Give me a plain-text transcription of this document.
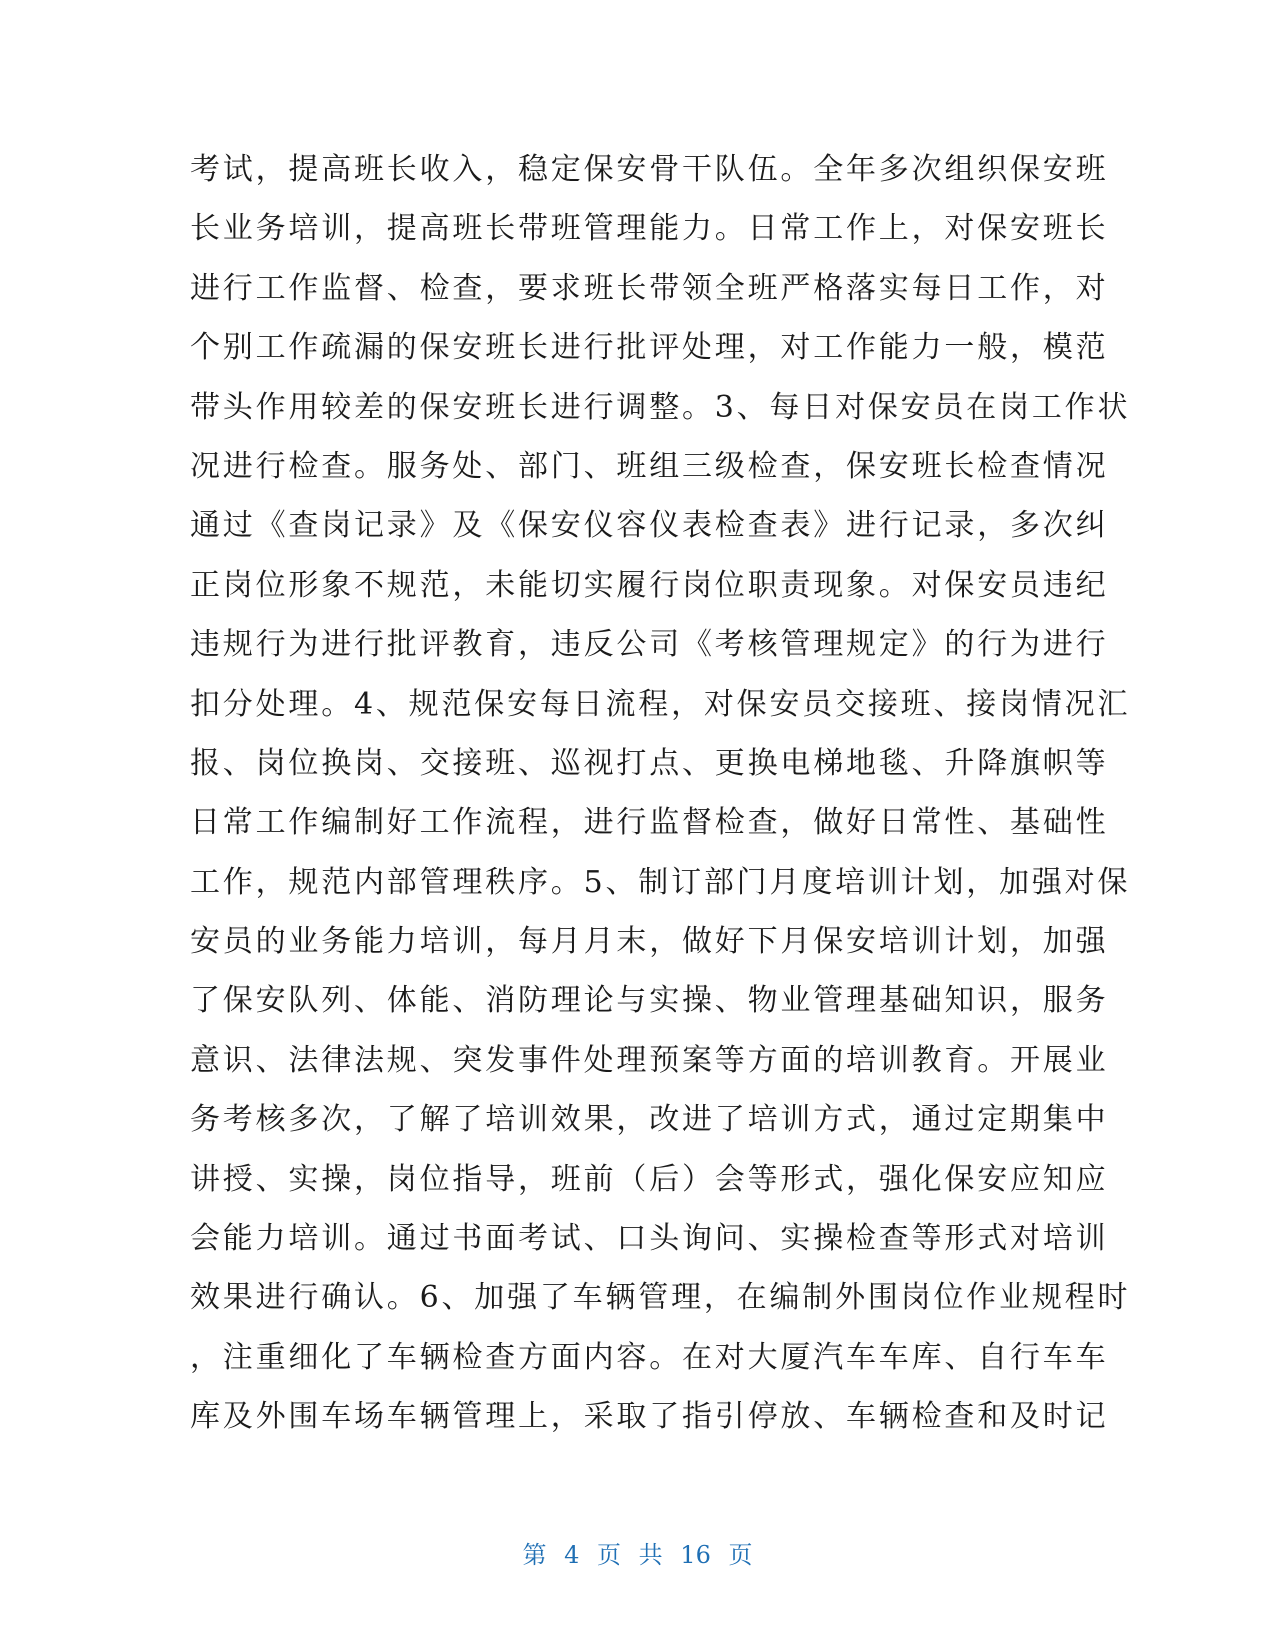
考试，提高班长收入，稳定保安骨干队伍。全年多次组织保安班
长业务培训，提高班长带班管理能力。日常工作上，对保安班长
进行工作监督、检查，要求班长带领全班严格落实每日工作，对
个别工作疏漏的保安班长进行批评处理，对工作能力一般，模范
带头作用较差的保安班长进行调整。3、每日对保安员在岗工作状
况进行检查。服务处、部门、班组三级检查，保安班长检查情况
通过《查岗记录》及《保安仪容仪表检查表》进行记录，多次纠
正岗位形象不规范，未能切实履行岗位职责现象。对保安员违纪
违规行为进行批评教育，违反公司《考核管理规定》的行为进行
扣分处理。4、规范保安每日流程，对保安员交接班、接岗情况汇
报、岗位换岗、交接班、巡视打点、更换电梯地毯、升降旗帜等
日常工作编制好工作流程，进行监督检查，做好日常性、基础性
工作，规范内部管理秩序。5、制订部门月度培训计划，加强对保
安员的业务能力培训，每月月末，做好下月保安培训计划，加强
了保安队列、体能、消防理论与实操、物业管理基础知识，服务
意识、法律法规、突发事件处理预案等方面的培训教育。开展业
务考核多次，了解了培训效果，改进了培训方式，通过定期集中
讲授、实操，岗位指导，班前（后）会等形式，强化保安应知应
会能力培训。通过书面考试、口头询问、实操检查等形式对培训
效果进行确认。6、加强了车辆管理，在编制外围岗位作业规程时
，注重细化了车辆检查方面内容。在对大厦汽车车库、自行车车
库及外围车场车辆管理上，采取了指引停放、车辆检查和及时记
第 4 页 共 16 页
